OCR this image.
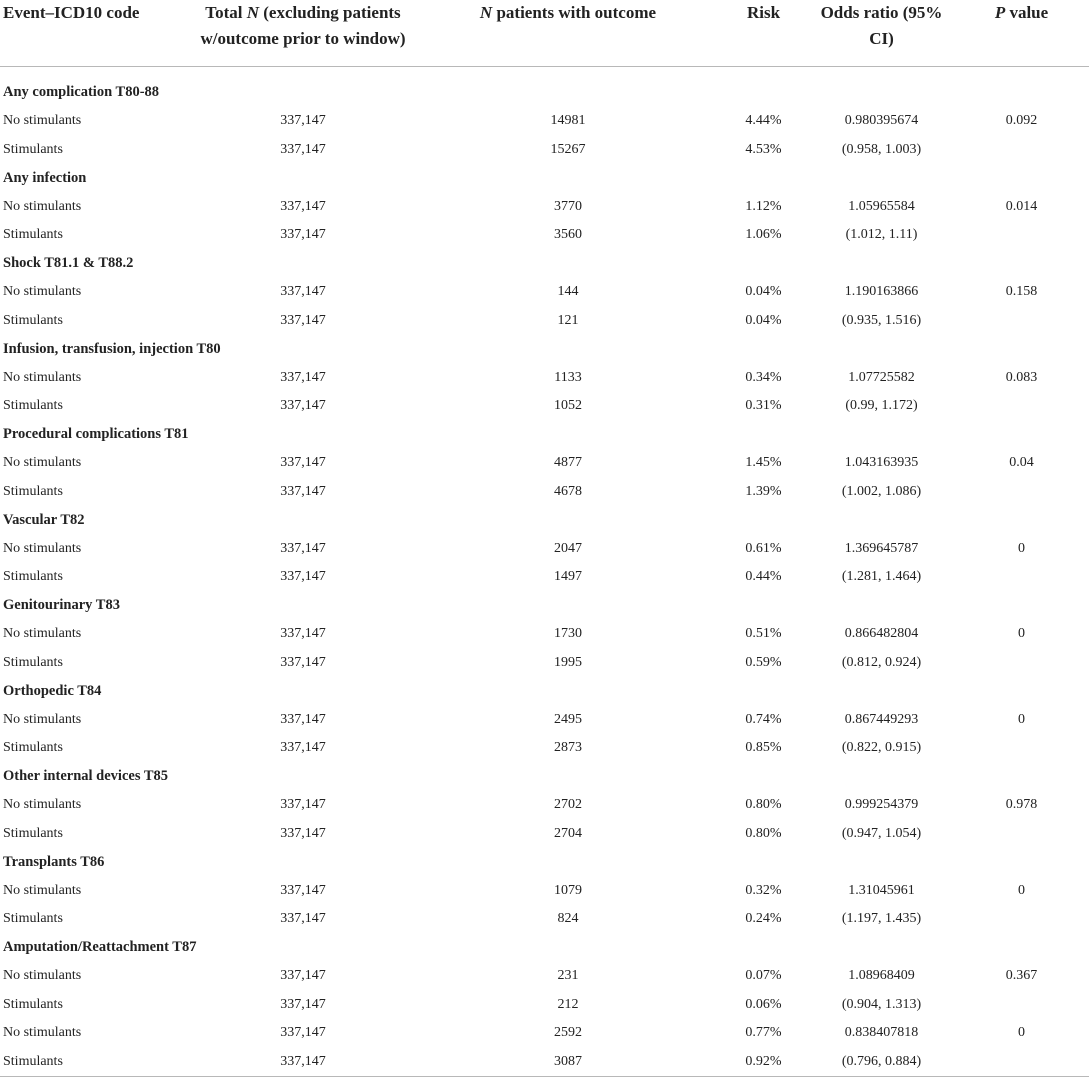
Event–ICD10 code	Total N (excluding patients w/outcome prior to window)	N patients with outcome	Risk	Odds ratio (95% CI)	P value
Any complication T80-88					
No stimulants	337,147	14981	4.44%	0.980395674	0.092
Stimulants	337,147	15267	4.53%	(0.958, 1.003)	
Any infection					
No stimulants	337,147	3770	1.12%	1.05965584	0.014
Stimulants	337,147	3560	1.06%	(1.012, 1.11)	
Shock T81.1 & T88.2					
No stimulants	337,147	144	0.04%	1.190163866	0.158
Stimulants	337,147	121	0.04%	(0.935, 1.516)	
Infusion, transfusion, injection T80					
No stimulants	337,147	1133	0.34%	1.07725582	0.083
Stimulants	337,147	1052	0.31%	(0.99, 1.172)	
Procedural complications T81					
No stimulants	337,147	4877	1.45%	1.043163935	0.04
Stimulants	337,147	4678	1.39%	(1.002, 1.086)	
Vascular T82					
No stimulants	337,147	2047	0.61%	1.369645787	0
Stimulants	337,147	1497	0.44%	(1.281, 1.464)	
Genitourinary T83					
No stimulants	337,147	1730	0.51%	0.866482804	0
Stimulants	337,147	1995	0.59%	(0.812, 0.924)	
Orthopedic T84					
No stimulants	337,147	2495	0.74%	0.867449293	0
Stimulants	337,147	2873	0.85%	(0.822, 0.915)	
Other internal devices T85					
No stimulants	337,147	2702	0.80%	0.999254379	0.978
Stimulants	337,147	2704	0.80%	(0.947, 1.054)	
Transplants T86					
No stimulants	337,147	1079	0.32%	1.31045961	0
Stimulants	337,147	824	0.24%	(1.197, 1.435)	
Amputation/Reattachment T87					
No stimulants	337,147	231	0.07%	1.08968409	0.367
Stimulants	337,147	212	0.06%	(0.904, 1.313)	
No stimulants	337,147	2592	0.77%	0.838407818	0
Stimulants	337,147	3087	0.92%	(0.796, 0.884)	
